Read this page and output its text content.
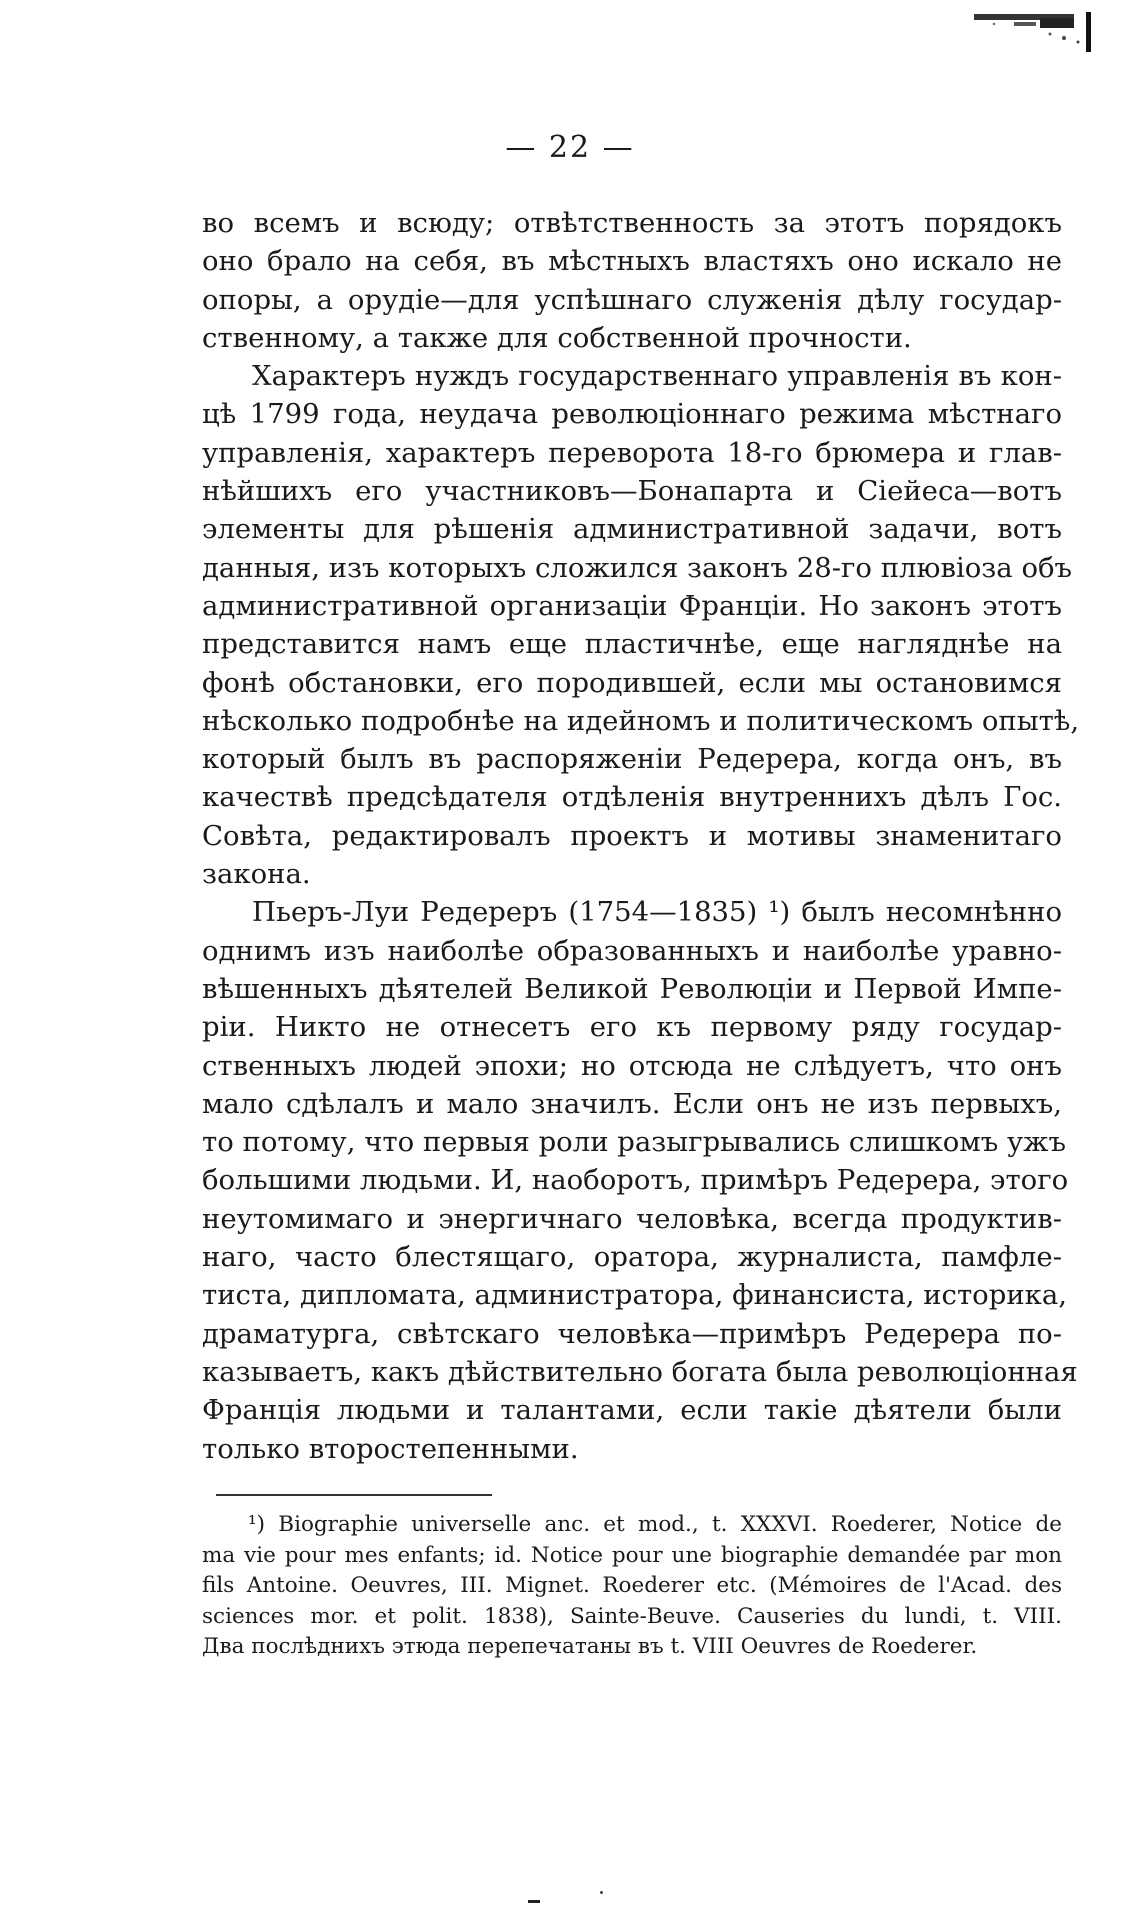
— 22 —
во всемъ и всюду; отвѣтственность за этотъ порядокъ
оно брало на себя, въ мѣстныхъ властяхъ оно искало не
опоры, а орудiе—для успѣшнаго служенiя дѣлу государ-
ственному, а также для собственной прочности.
Характеръ нуждъ государственнаго управленiя въ кон-
цѣ 1799 года, неудача революцiоннаго режима мѣстнаго
управленiя, характеръ переворота 18-го брюмера и глав-
нѣйшихъ его участниковъ—Бонапарта и Сiейеса—вотъ
элементы для рѣшенiя административной задачи, вотъ
данныя, изъ которыхъ сложился законъ 28-го плювiоза объ
административной организацiи Францiи. Но законъ этотъ
представится намъ еще пластичнѣе, еще нагляднѣе на
фонѣ обстановки, его породившей, если мы остановимся
нѣсколько подробнѣе на идейномъ и политическомъ опытѣ,
который былъ въ распоряженiи Редерера, когда онъ, въ
качествѣ предсѣдателя отдѣленiя внутреннихъ дѣлъ Гос.
Совѣта, редактировалъ проектъ и мотивы знаменитаго
закона.
Пьеръ-Луи Редереръ (1754—1835) ¹) былъ несомнѣнно
однимъ изъ наиболѣе образованныхъ и наиболѣе уравно-
вѣшенныхъ дѣятелей Великой Революцiи и Первой Импе-
рiи. Никто не отнесетъ его къ первому ряду государ-
ственныхъ людей эпохи; но отсюда не слѣдуетъ, что онъ
мало сдѣлалъ и мало значилъ. Если онъ не изъ первыхъ,
то потому, что первыя роли разыгрывались слишкомъ ужъ
большими людьми. И, наоборотъ, примѣръ Редерера, этого
неутомимаго и энергичнаго человѣка, всегда продуктив-
наго, часто блестящаго, оратора, журналиста, памфле-
тиста, дипломата, администратора, финансиста, историка,
драматурга, свѣтскаго человѣка—примѣръ Редерера по-
казываетъ, какъ дѣйствительно богата была революцiонная
Францiя людьми и талантами, если такiе дѣятели были
только второстепенными.
¹) Biographie universelle anc. et mod., t. XXXVI. Roederer, Notice de
ma vie pour mes enfants; id. Notice pour une biographie demandée par mon
fils Antoine. Oeuvres, III. Mignet. Roederer etc. (Mémoires de l'Acad. des
sciences mor. et polit. 1838), Sainte-Beuve. Causeries du lundi, t. VIII.
Два послѣднихъ этюда перепечатаны въ t. VIII Oeuvres de Roederer.
